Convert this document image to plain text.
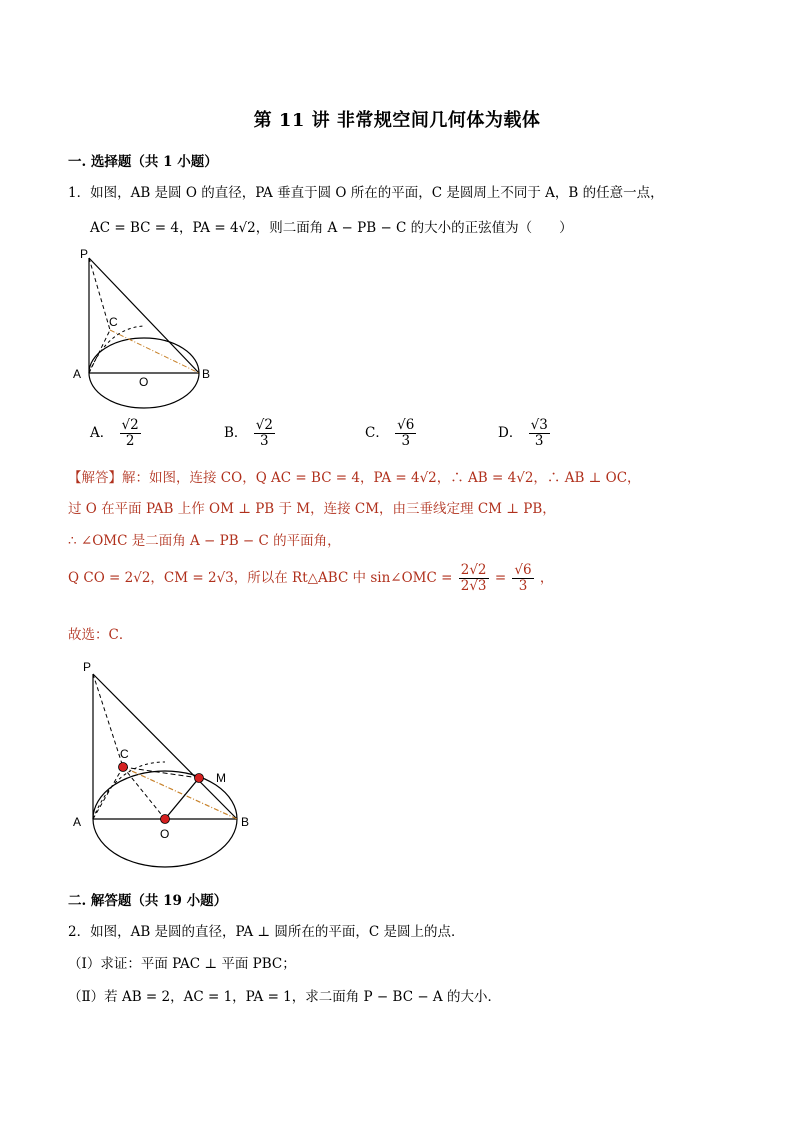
第 11 讲 非常规空间几何体为载体
一. 选择题（共 1 小题）
1．如图，AB 是圆 O 的直径，PA 垂直于圆 O 所在的平面，C 是圆周上不同于 A，B 的任意一点，
AC = BC = 4，PA = 4√2，则二面角 A − PB − C 的大小的正弦值为（　　）
P
A
O
B
C
A． $\frac{√2}{2}$	B． $\frac{√2}{3}$	C． $\frac{√6}{3}$	D． $\frac{√3}{3}$
【解答】解：如图，连接 CO，Q AC = BC = 4，PA = 4√2，∴ AB = 4√2，∴ AB ⊥ OC，
过 O 在平面 PAB 上作 OM ⊥ PB 于 M，连接 CM，由三垂线定理 CM ⊥ PB，
∴ ∠OMC 是二面角 A − PB − C 的平面角，
Q CO = 2√2，CM = 2√3，所以在 Rt△ABC 中 sin∠OMC = $\frac{2√2}{2√3} = \frac{√6}{3}$ ，
故选：C．
P
A
O
B
C
M
二. 解答题（共 19 小题）
2．如图，AB 是圆的直径，PA ⊥ 圆所在的平面，C 是圆上的点．
（Ⅰ）求证：平面 PAC ⊥ 平面 PBC；
（Ⅱ）若 AB = 2，AC = 1，PA = 1，求二面角 P − BC − A 的大小．
